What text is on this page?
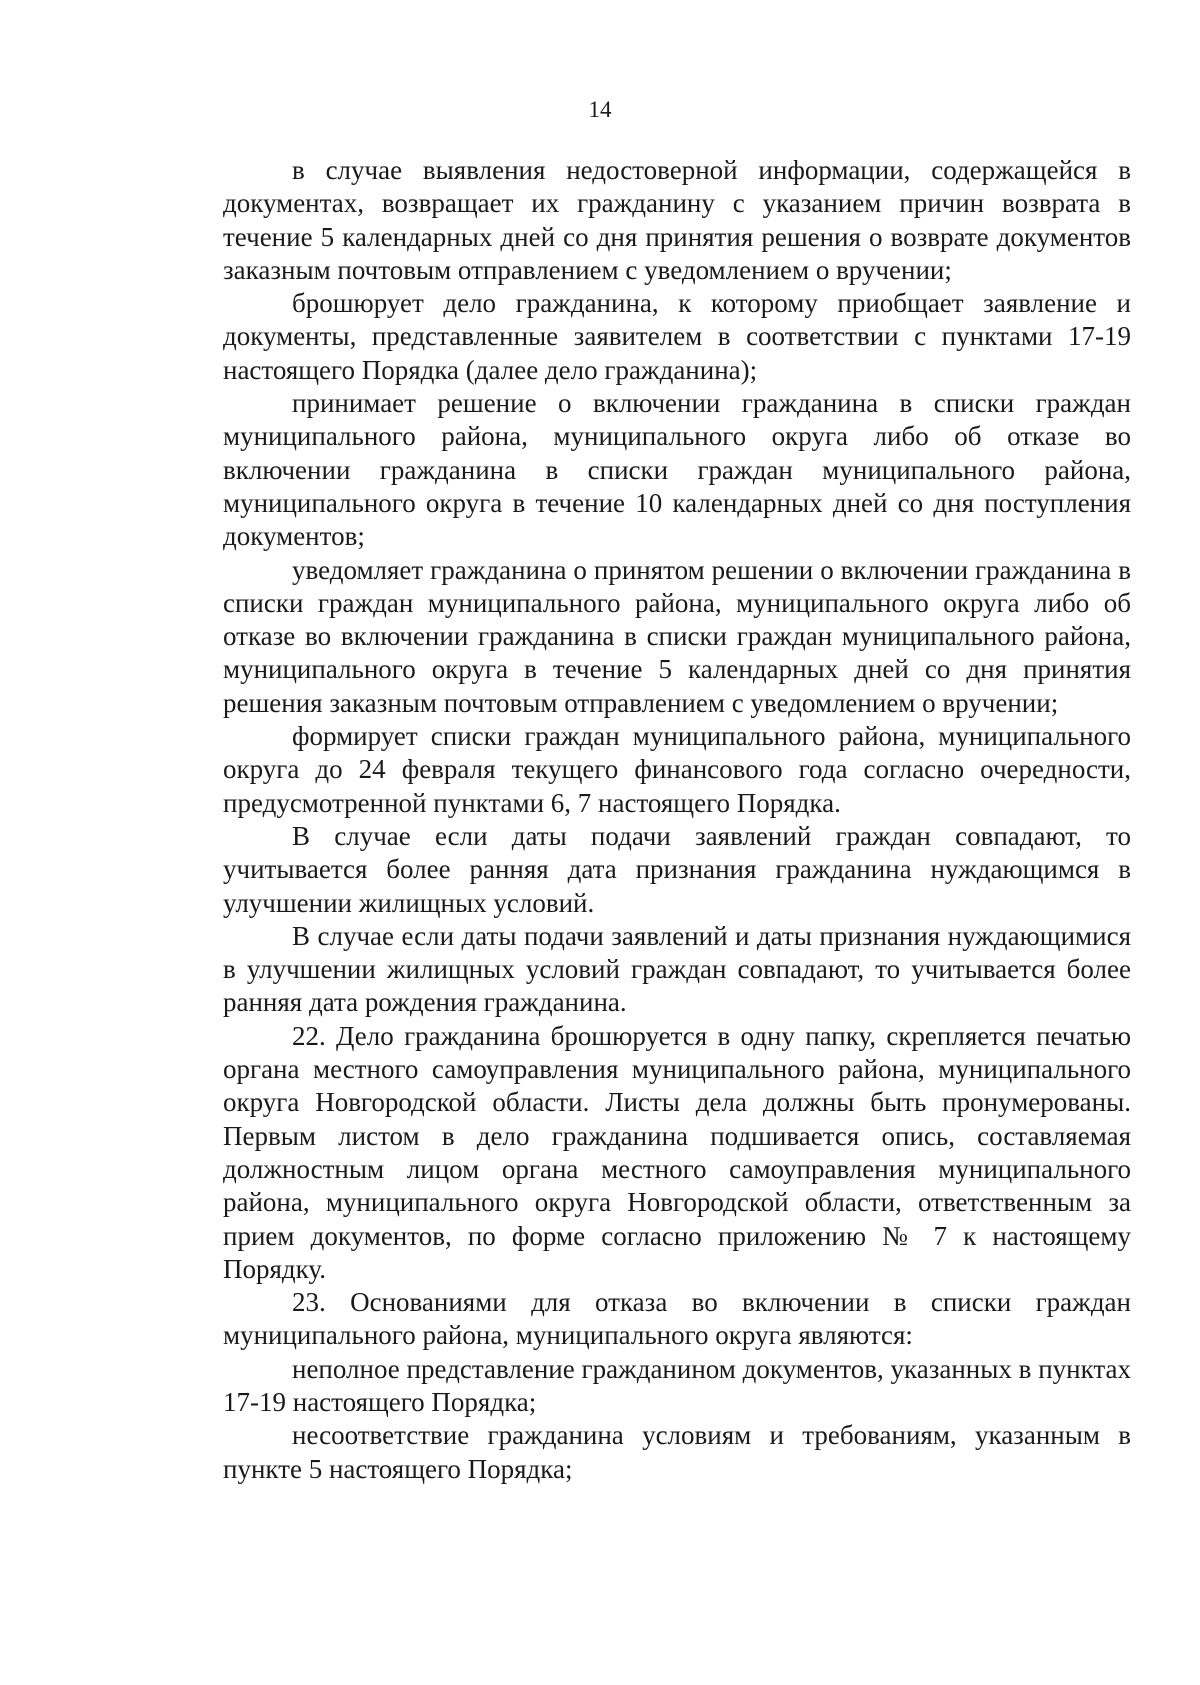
14

в случае выявления недостоверной информации, содержащейся в документах, возвращает их гражданину с указанием причин возврата в течение 5 календарных дней со дня принятия решения о возврате документов заказным почтовым отправлением с уведомлением о вручении;

брошюрует дело гражданина, к которому приобщает заявление и документы, представленные заявителем в соответствии с пунктами 17-19 настоящего Порядка (далее дело гражданина);

принимает решение о включении гражданина в списки граждан муниципального района, муниципального округа либо об отказе во включении гражданина в списки граждан муниципального района, муниципального округа в течение 10 календарных дней со дня поступления документов;

уведомляет гражданина о принятом решении о включении гражданина в списки граждан муниципального района, муниципального округа либо об отказе во включении гражданина в списки граждан муниципального района, муниципального округа в течение 5 календарных дней со дня принятия решения заказным почтовым отправлением с уведомлением о вручении;

формирует списки граждан муниципального района, муниципального округа до 24 февраля текущего финансового года согласно очередности, предусмотренной пунктами 6, 7 настоящего Порядка.

В случае если даты подачи заявлений граждан совпадают, то учитывается более ранняя дата признания гражданина нуждающимся в улучшении жилищных условий.

В случае если даты подачи заявлений и даты признания нуждающимися в улучшении жилищных условий граждан совпадают, то учитывается более ранняя дата рождения гражданина.

22. Дело гражданина брошюруется в одну папку, скрепляется печатью органа местного самоуправления муниципального района, муниципального округа Новгородской области. Листы дела должны быть пронумерованы. Первым листом в дело гражданина подшивается опись, составляемая должностным лицом органа местного самоуправления муниципального района, муниципального округа Новгородской области, ответственным за прием документов, по форме согласно приложению № 7 к настоящему Порядку.

23. Основаниями для отказа во включении в списки граждан муниципального района, муниципального округа являются:

неполное представление гражданином документов, указанных в пунктах 17-19 настоящего Порядка;

несоответствие гражданина условиям и требованиям, указанным в пункте 5 настоящего Порядка;
